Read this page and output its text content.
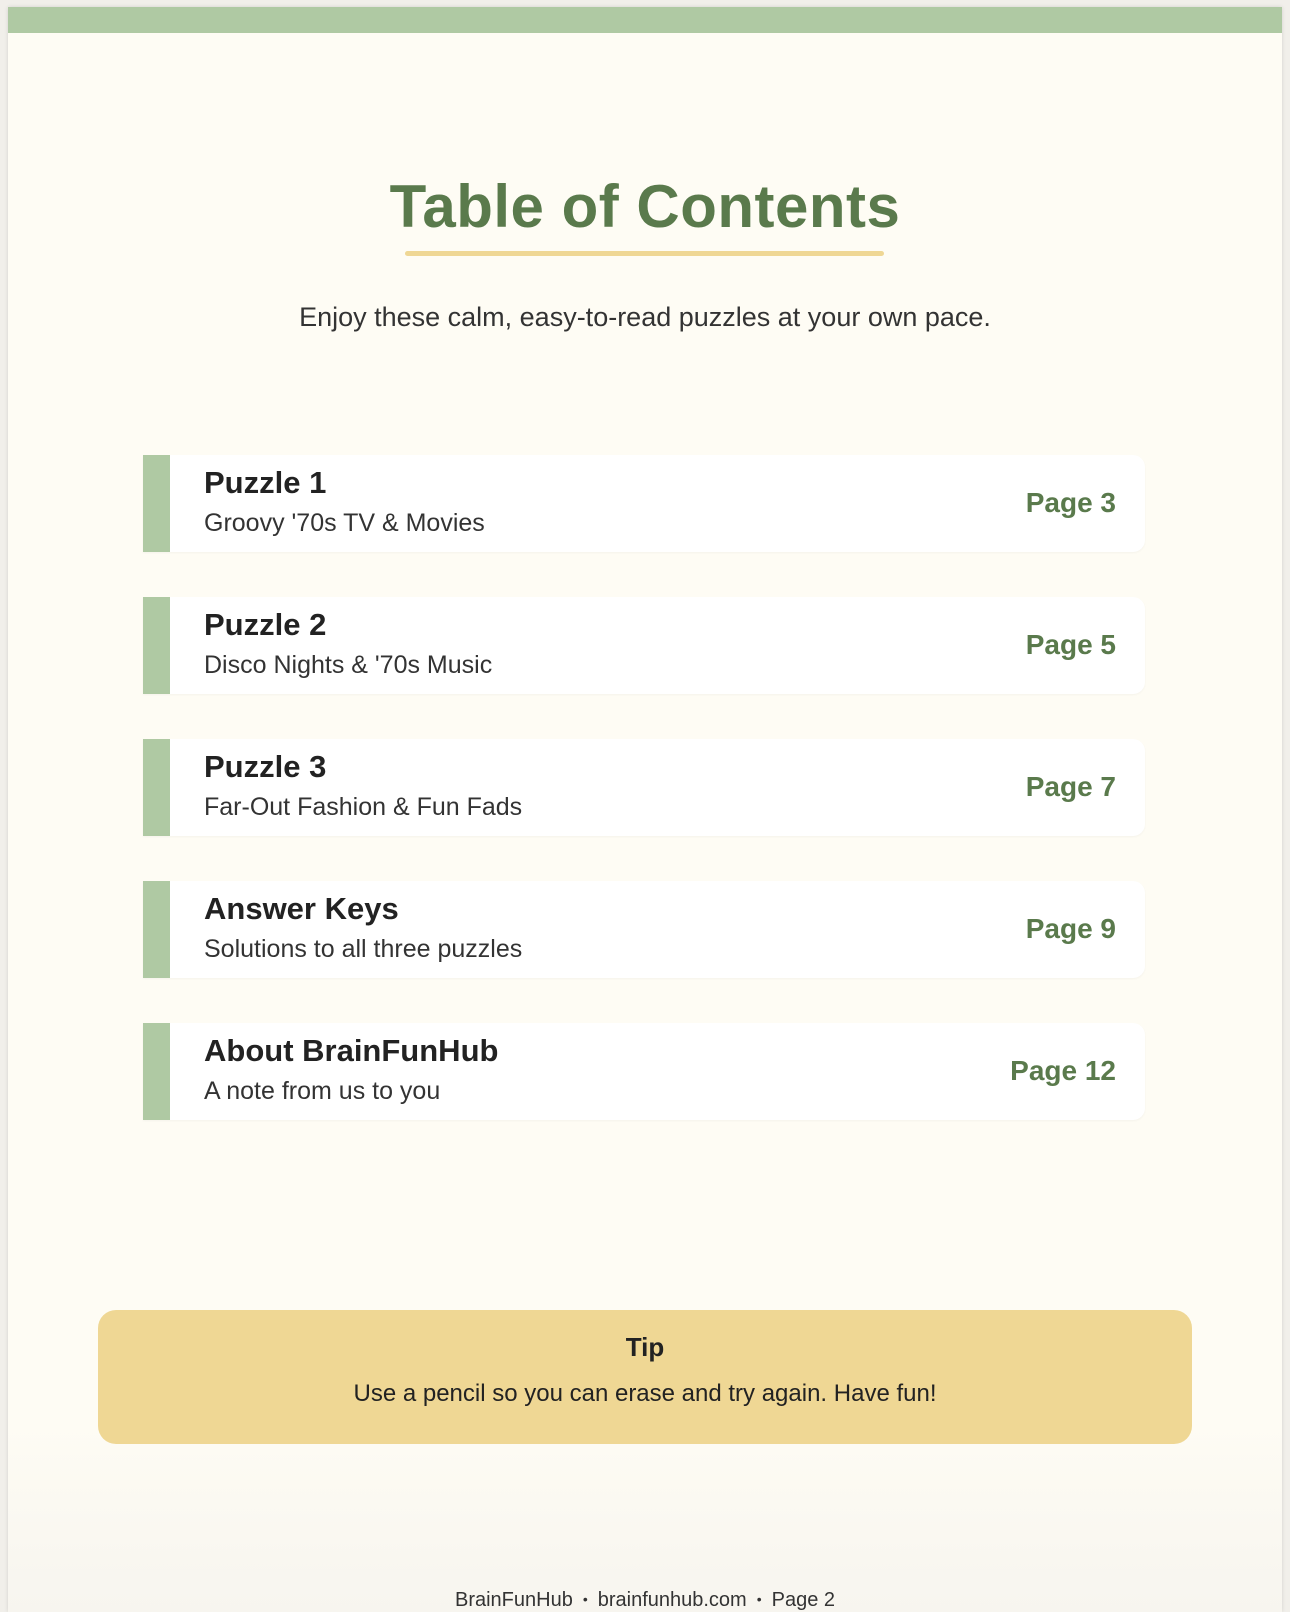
Table of Contents
Enjoy these calm, easy-to-read puzzles at your own pace.
Puzzle 1
Groovy '70s TV & Movies
Page 3
Puzzle 2
Disco Nights & '70s Music
Page 5
Puzzle 3
Far-Out Fashion & Fun Fads
Page 7
Answer Keys
Solutions to all three puzzles
Page 9
About BrainFunHub
A note from us to you
Page 12
Tip
Use a pencil so you can erase and try again. Have fun!
BrainFunHub • brainfunhub.com • Page 2
